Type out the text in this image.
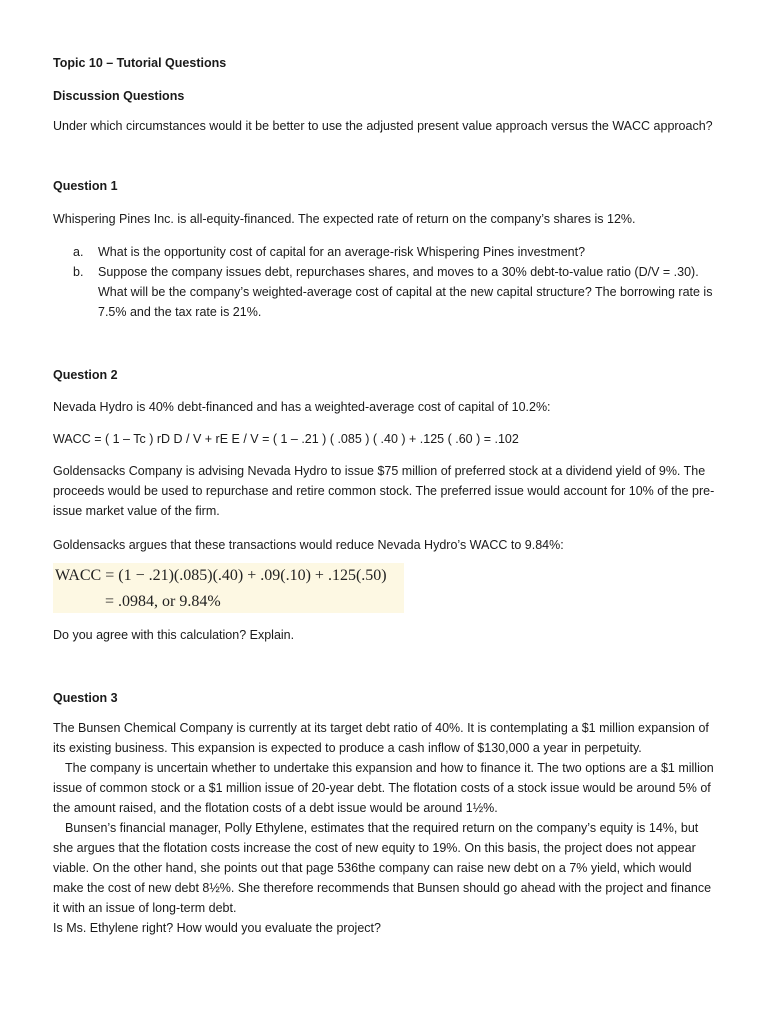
Topic 10 – Tutorial Questions

Discussion Questions

Under which circumstances would it be better to use the adjusted present value approach versus the WACC approach?

Question 1

Whispering Pines Inc. is all-equity-financed. The expected rate of return on the company’s shares is 12%.

a. What is the opportunity cost of capital for an average-risk Whispering Pines investment?
b. Suppose the company issues debt, repurchases shares, and moves to a 30% debt-to-value ratio (D/V = .30). What will be the company’s weighted-average cost of capital at the new capital structure? The borrowing rate is 7.5% and the tax rate is 21%.

Question 2

Nevada Hydro is 40% debt-financed and has a weighted-average cost of capital of 10.2%:

WACC = ( 1 – Tc ) rD D / V + rE E / V = ( 1 – .21 ) ( .085 ) ( .40 ) + .125 ( .60 ) = .102

Goldensacks Company is advising Nevada Hydro to issue $75 million of preferred stock at a dividend yield of 9%. The proceeds would be used to repurchase and retire common stock. The preferred issue would account for 10% of the pre-issue market value of the firm.

Goldensacks argues that these transactions would reduce Nevada Hydro’s WACC to 9.84%:

WACC = (1 − .21)(.085)(.40) + .09(.10) + .125(.50)
= .0984, or 9.84%

Do you agree with this calculation? Explain.

Question 3

The Bunsen Chemical Company is currently at its target debt ratio of 40%. It is contemplating a $1 million expansion of its existing business. This expansion is expected to produce a cash inflow of $130,000 a year in perpetuity.

The company is uncertain whether to undertake this expansion and how to finance it. The two options are a $1 million issue of common stock or a $1 million issue of 20-year debt. The flotation costs of a stock issue would be around 5% of the amount raised, and the flotation costs of a debt issue would be around 1½%.

Bunsen’s financial manager, Polly Ethylene, estimates that the required return on the company’s equity is 14%, but she argues that the flotation costs increase the cost of new equity to 19%. On this basis, the project does not appear viable. On the other hand, she points out that page 536the company can raise new debt on a 7% yield, which would make the cost of new debt 8½%. She therefore recommends that Bunsen should go ahead with the project and finance it with an issue of long-term debt.

Is Ms. Ethylene right? How would you evaluate the project?
